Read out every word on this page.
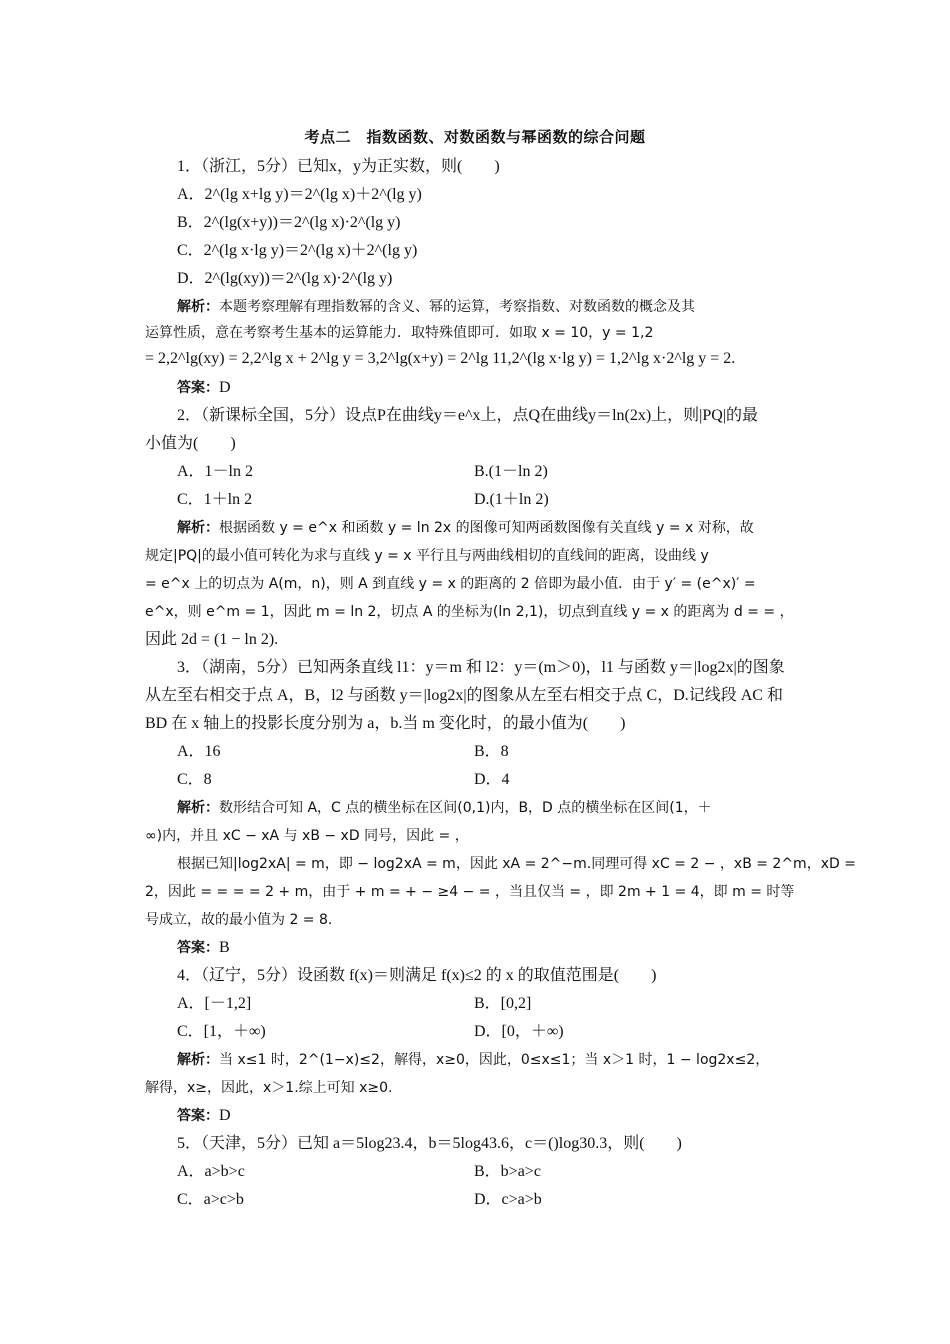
考点二　指数函数、对数函数与幂函数的综合问题
1．（浙江，5分）已知x，y为正实数，则(　　)
A．2^(lg x+lg y)＝2^(lg x)＋2^(lg y)
B．2^(lg(x+y))＝2^(lg x)·2^(lg y)
C．2^(lg x·lg y)＝2^(lg x)＋2^(lg y)
D．2^(lg(xy))＝2^(lg x)·2^(lg y)
解析：本题考察理解有理指数幂的含义、幂的运算，考察指数、对数函数的概念及其
运算性质，意在考察考生基本的运算能力．取特殊值即可．如取 x = 10，y = 1,2
= 2,2^lg(xy) = 2,2^lg x + 2^lg y = 3,2^lg(x+y) = 2^lg 11,2^(lg x·lg y) = 1,2^lg x·2^lg y = 2.
答案：D
2．（新课标全国，5分）设点P在曲线y＝e^x上，点Q在曲线y＝ln(2x)上，则|PQ|的最
小值为(　　)
A．1－ln 2	B.(1－ln 2)
C．1＋ln 2	D.(1＋ln 2)
解析：根据函数 y = e^x 和函数 y = ln 2x 的图像可知两函数图像有关直线 y = x 对称，故
规定|PQ|的最小值可转化为求与直线 y = x 平行且与两曲线相切的直线间的距离，设曲线 y
= e^x 上的切点为 A(m，n)，则 A 到直线 y = x 的距离的 2 倍即为最小值．由于 y′ = (e^x)′ =
e^x，则 e^m = 1，因此 m = ln 2，切点 A 的坐标为(ln 2,1)，切点到直线 y = x 的距离为 d = = ，
因此 2d = (1 − ln 2).
3．（湖南，5分）已知两条直线 l1：y＝m 和 l2：y＝(m＞0)，l1 与函数 y＝|log2x|的图象
从左至右相交于点 A，B，l2 与函数 y＝|log2x|的图象从左至右相交于点 C，D.记线段 AC 和
BD 在 x 轴上的投影长度分别为 a，b.当 m 变化时，的最小值为(　　)
A．16	B．8
C．8	D．4
解析：数形结合可知 A，C 点的横坐标在区间(0,1)内，B，D 点的横坐标在区间(1，＋
∞)内，并且 xC − xA 与 xB − xD 同号，因此 = ，
根据已知|log2xA| = m，即 − log2xA = m，因此 xA = 2^−m.同理可得 xC = 2 − ，xB = 2^m，xD =
2，因此 = = = = 2 + m，由于 + m = + − ≥4 − = ，当且仅当 = ，即 2m + 1 = 4，即 m = 时等
号成立，故的最小值为 2 = 8.
答案：B
4．（辽宁，5分）设函数 f(x)＝则满足 f(x)≤2 的 x 的取值范围是(　　)
A．[－1,2]	B．[0,2]
C．[1，＋∞)	D．[0，＋∞)
解析：当 x≤1 时，2^(1−x)≤2，解得，x≥0，因此，0≤x≤1；当 x＞1 时，1 − log2x≤2，
解得，x≥，因此，x＞1.综上可知 x≥0.
答案：D
5．（天津，5分）已知 a＝5log23.4，b＝5log43.6，c＝()log30.3，则(　　)
A．a>b>c	B．b>a>c
C．a>c>b	D．c>a>b
